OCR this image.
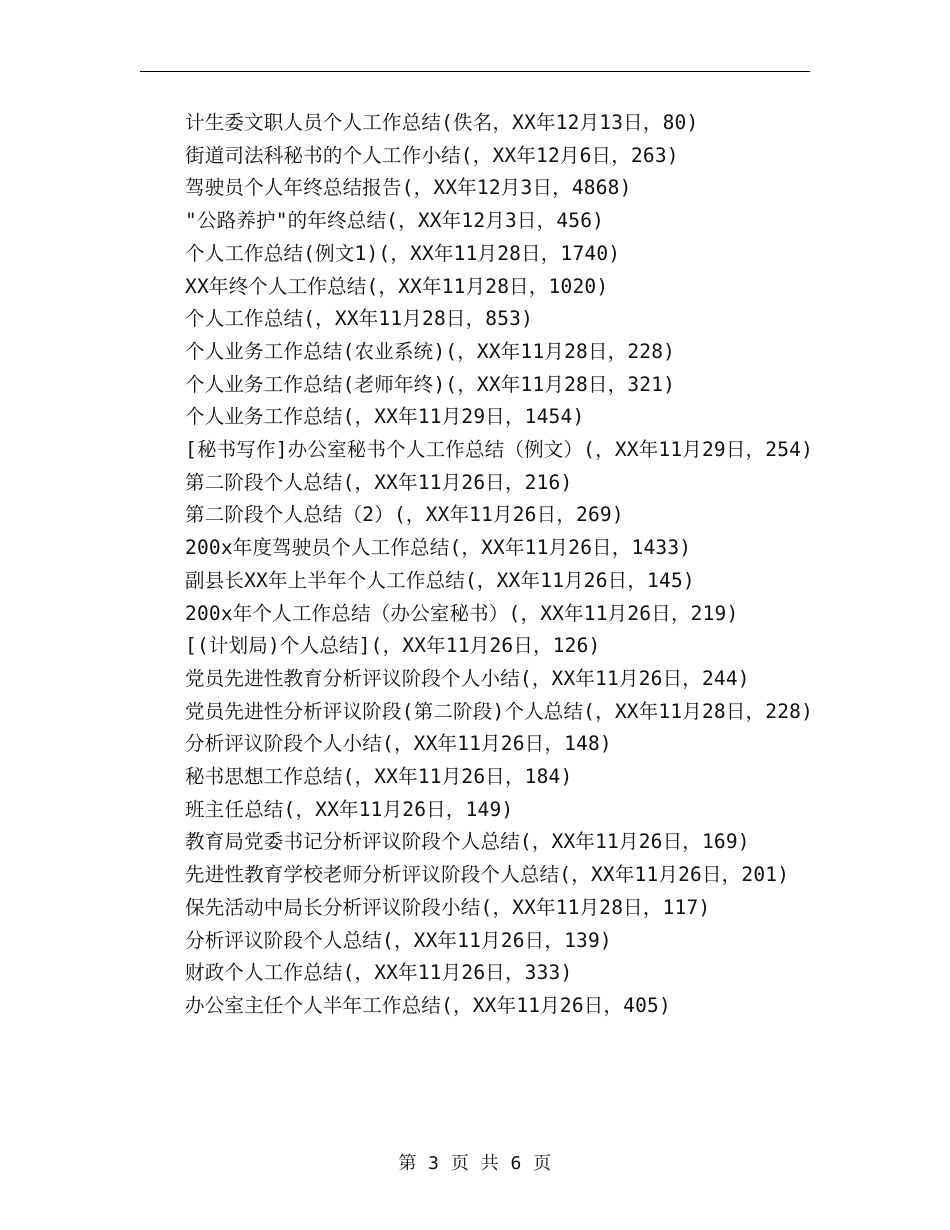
计生委文职人员个人工作总结(佚名，XX年12月13日，80)
街道司法科秘书的个人工作小结(，XX年12月6日，263)
驾驶员个人年终总结报告(，XX年12月3日，4868)
"公路养护"的年终总结(，XX年12月3日，456)
个人工作总结(例文1)(，XX年11月28日，1740)
XX年终个人工作总结(，XX年11月28日，1020)
个人工作总结(，XX年11月28日，853)
个人业务工作总结(农业系统)(，XX年11月28日，228)
个人业务工作总结(老师年终)(，XX年11月28日，321)
个人业务工作总结(，XX年11月29日，1454)
[秘书写作]办公室秘书个人工作总结（例文）(，XX年11月29日，254)
第二阶段个人总结(，XX年11月26日，216)
第二阶段个人总结（2）(，XX年11月26日，269)
200x年度驾驶员个人工作总结(，XX年11月26日，1433)
副县长XX年上半年个人工作总结(，XX年11月26日，145)
200x年个人工作总结（办公室秘书）(，XX年11月26日，219)
[(计划局)个人总结](，XX年11月26日，126)
党员先进性教育分析评议阶段个人小结(，XX年11月26日，244)
党员先进性分析评议阶段(第二阶段)个人总结(，XX年11月28日，228)
分析评议阶段个人小结(，XX年11月26日，148)
秘书思想工作总结(，XX年11月26日，184)
班主任总结(，XX年11月26日，149)
教育局党委书记分析评议阶段个人总结(，XX年11月26日，169)
先进性教育学校老师分析评议阶段个人总结(，XX年11月26日，201)
保先活动中局长分析评议阶段小结(，XX年11月28日，117)
分析评议阶段个人总结(，XX年11月26日，139)
财政个人工作总结(，XX年11月26日，333)
办公室主任个人半年工作总结(，XX年11月26日，405)
第 3 页 共 6 页
